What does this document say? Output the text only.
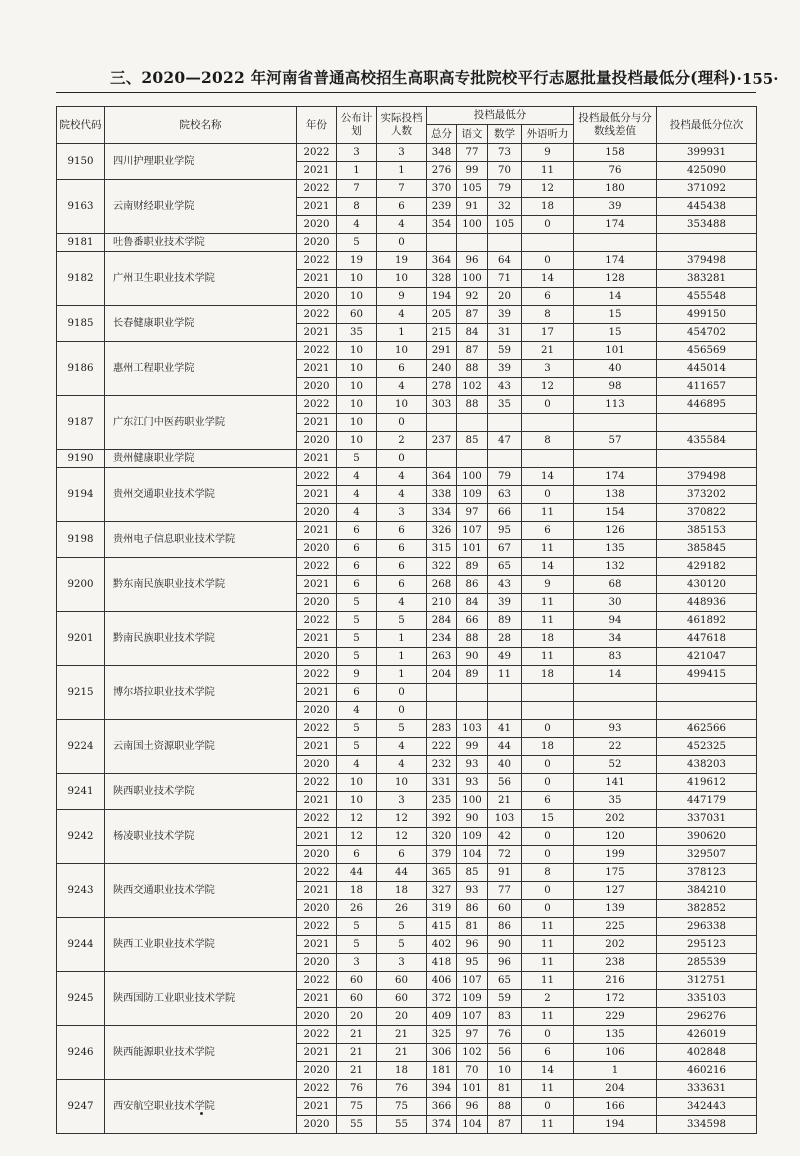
三、2020—2022 年河南省普通高校招生高职高专批院校平行志愿批量投档最低分(理科) ·155·
院校代码	院校名称	年份	公布计划	实际投档人数	投档最低分				投档最低分与分数线差值	投档最低分位次
					总分	语文	数学	外语听力		
9150	四川护理职业学院	2022	3	3	348	77	73	9	158	399931
		2021	1	1	276	99	70	11	76	425090
9163	云南财经职业学院	2022	7	7	370	105	79	12	180	371092
		2021	8	6	239	91	32	18	39	445438
		2020	4	4	354	100	105	0	174	353488
9181	吐鲁番职业技术学院	2020	5	0						
9182	广州卫生职业技术学院	2022	19	19	364	96	64	0	174	379498
		2021	10	10	328	100	71	14	128	383281
		2020	10	9	194	92	20	6	14	455548
9185	长春健康职业学院	2022	60	4	205	87	39	8	15	499150
		2021	35	1	215	84	31	17	15	454702
9186	惠州工程职业学院	2022	10	10	291	87	59	21	101	456569
		2021	10	6	240	88	39	3	40	445014
		2020	10	4	278	102	43	12	98	411657
9187	广东江门中医药职业学院	2022	10	10	303	88	35	0	113	446895
		2021	10	0						
		2020	10	2	237	85	47	8	57	435584
9190	贵州健康职业学院	2021	5	0						
9194	贵州交通职业技术学院	2022	4	4	364	100	79	14	174	379498
		2021	4	4	338	109	63	0	138	373202
		2020	4	3	334	97	66	11	154	370822
9198	贵州电子信息职业技术学院	2021	6	6	326	107	95	6	126	385153
		2020	6	6	315	101	67	11	135	385845
9200	黔东南民族职业技术学院	2022	6	6	322	89	65	14	132	429182
		2021	6	6	268	86	43	9	68	430120
		2020	5	4	210	84	39	11	30	448936
9201	黔南民族职业技术学院	2022	5	5	284	66	89	11	94	461892
		2021	5	1	234	88	28	18	34	447618
		2020	5	1	263	90	49	11	83	421047
9215	博尔塔拉职业技术学院	2022	9	1	204	89	11	18	14	499415
		2021	6	0						
		2020	4	0						
9224	云南国土资源职业学院	2022	5	5	283	103	41	0	93	462566
		2021	5	4	222	99	44	18	22	452325
		2020	4	4	232	93	40	0	52	438203
9241	陕西职业技术学院	2022	10	10	331	93	56	0	141	419612
		2021	10	3	235	100	21	6	35	447179
9242	杨凌职业技术学院	2022	12	12	392	90	103	15	202	337031
		2021	12	12	320	109	42	0	120	390620
		2020	6	6	379	104	72	0	199	329507
9243	陕西交通职业技术学院	2022	44	44	365	85	91	8	175	378123
		2021	18	18	327	93	77	0	127	384210
		2020	26	26	319	86	60	0	139	382852
9244	陕西工业职业技术学院	2022	5	5	415	81	86	11	225	296338
		2021	5	5	402	96	90	11	202	295123
		2020	3	3	418	95	96	11	238	285539
9245	陕西国防工业职业技术学院	2022	60	60	406	107	65	11	216	312751
		2021	60	60	372	109	59	2	172	335103
		2020	20	20	409	107	83	11	229	296276
9246	陕西能源职业技术学院	2022	21	21	325	97	76	0	135	426019
		2021	21	21	306	102	56	6	106	402848
		2020	21	18	181	70	10	14	1	460216
9247	西安航空职业技术学院	2022	76	76	394	101	81	11	204	333631
		2021	75	75	366	96	88	0	166	342443
		2020	55	55	374	104	87	11	194	334598
